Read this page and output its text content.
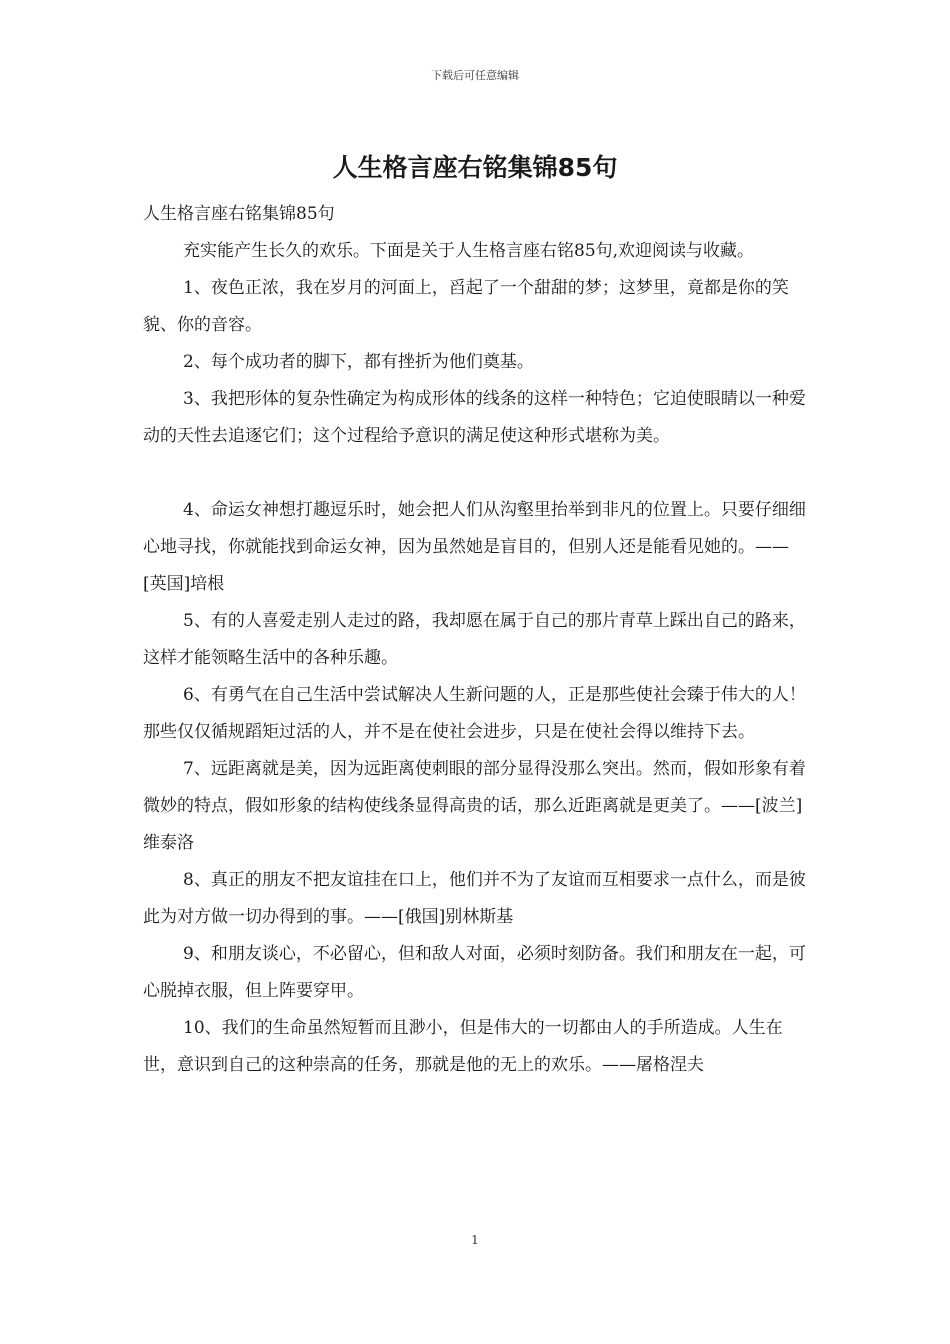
下载后可任意编辑
人生格言座右铭集锦85句

人生格言座右铭集锦85句

充实能产生长久的欢乐。下面是关于人生格言座右铭85句,欢迎阅读与收藏。

1、夜色正浓，我在岁月的河面上，舀起了一个甜甜的梦；这梦里，竟都是你的笑貌、你的音容。

2、每个成功者的脚下，都有挫折为他们奠基。

3、我把形体的复杂性确定为构成形体的线条的这样一种特色；它迫使眼睛以一种爱动的天性去追逐它们；这个过程给予意识的满足使这种形式堪称为美。

4、命运女神想打趣逗乐时，她会把人们从沟壑里抬举到非凡的位置上。只要仔细细心地寻找，你就能找到命运女神，因为虽然她是盲目的，但别人还是能看见她的。——[英国]培根

5、有的人喜爱走别人走过的路，我却愿在属于自己的那片青草上踩出自己的路来，这样才能领略生活中的各种乐趣。

6、有勇气在自己生活中尝试解决人生新问题的人，正是那些使社会臻于伟大的人！那些仅仅循规蹈矩过活的人，并不是在使社会进步，只是在使社会得以维持下去。

7、远距离就是美，因为远距离使刺眼的部分显得没那么突出。然而，假如形象有着微妙的特点，假如形象的结构使线条显得高贵的话，那么近距离就是更美了。——[波兰]维泰洛

8、真正的朋友不把友谊挂在口上，他们并不为了友谊而互相要求一点什么，而是彼此为对方做一切办得到的事。——[俄国]别林斯基

9、和朋友谈心，不必留心，但和敌人对面，必须时刻防备。我们和朋友在一起，可心脱掉衣服，但上阵要穿甲。

10、我们的生命虽然短暂而且渺小，但是伟大的一切都由人的手所造成。人生在世，意识到自己的这种崇高的任务，那就是他的无上的欢乐。——屠格涅夫

1
